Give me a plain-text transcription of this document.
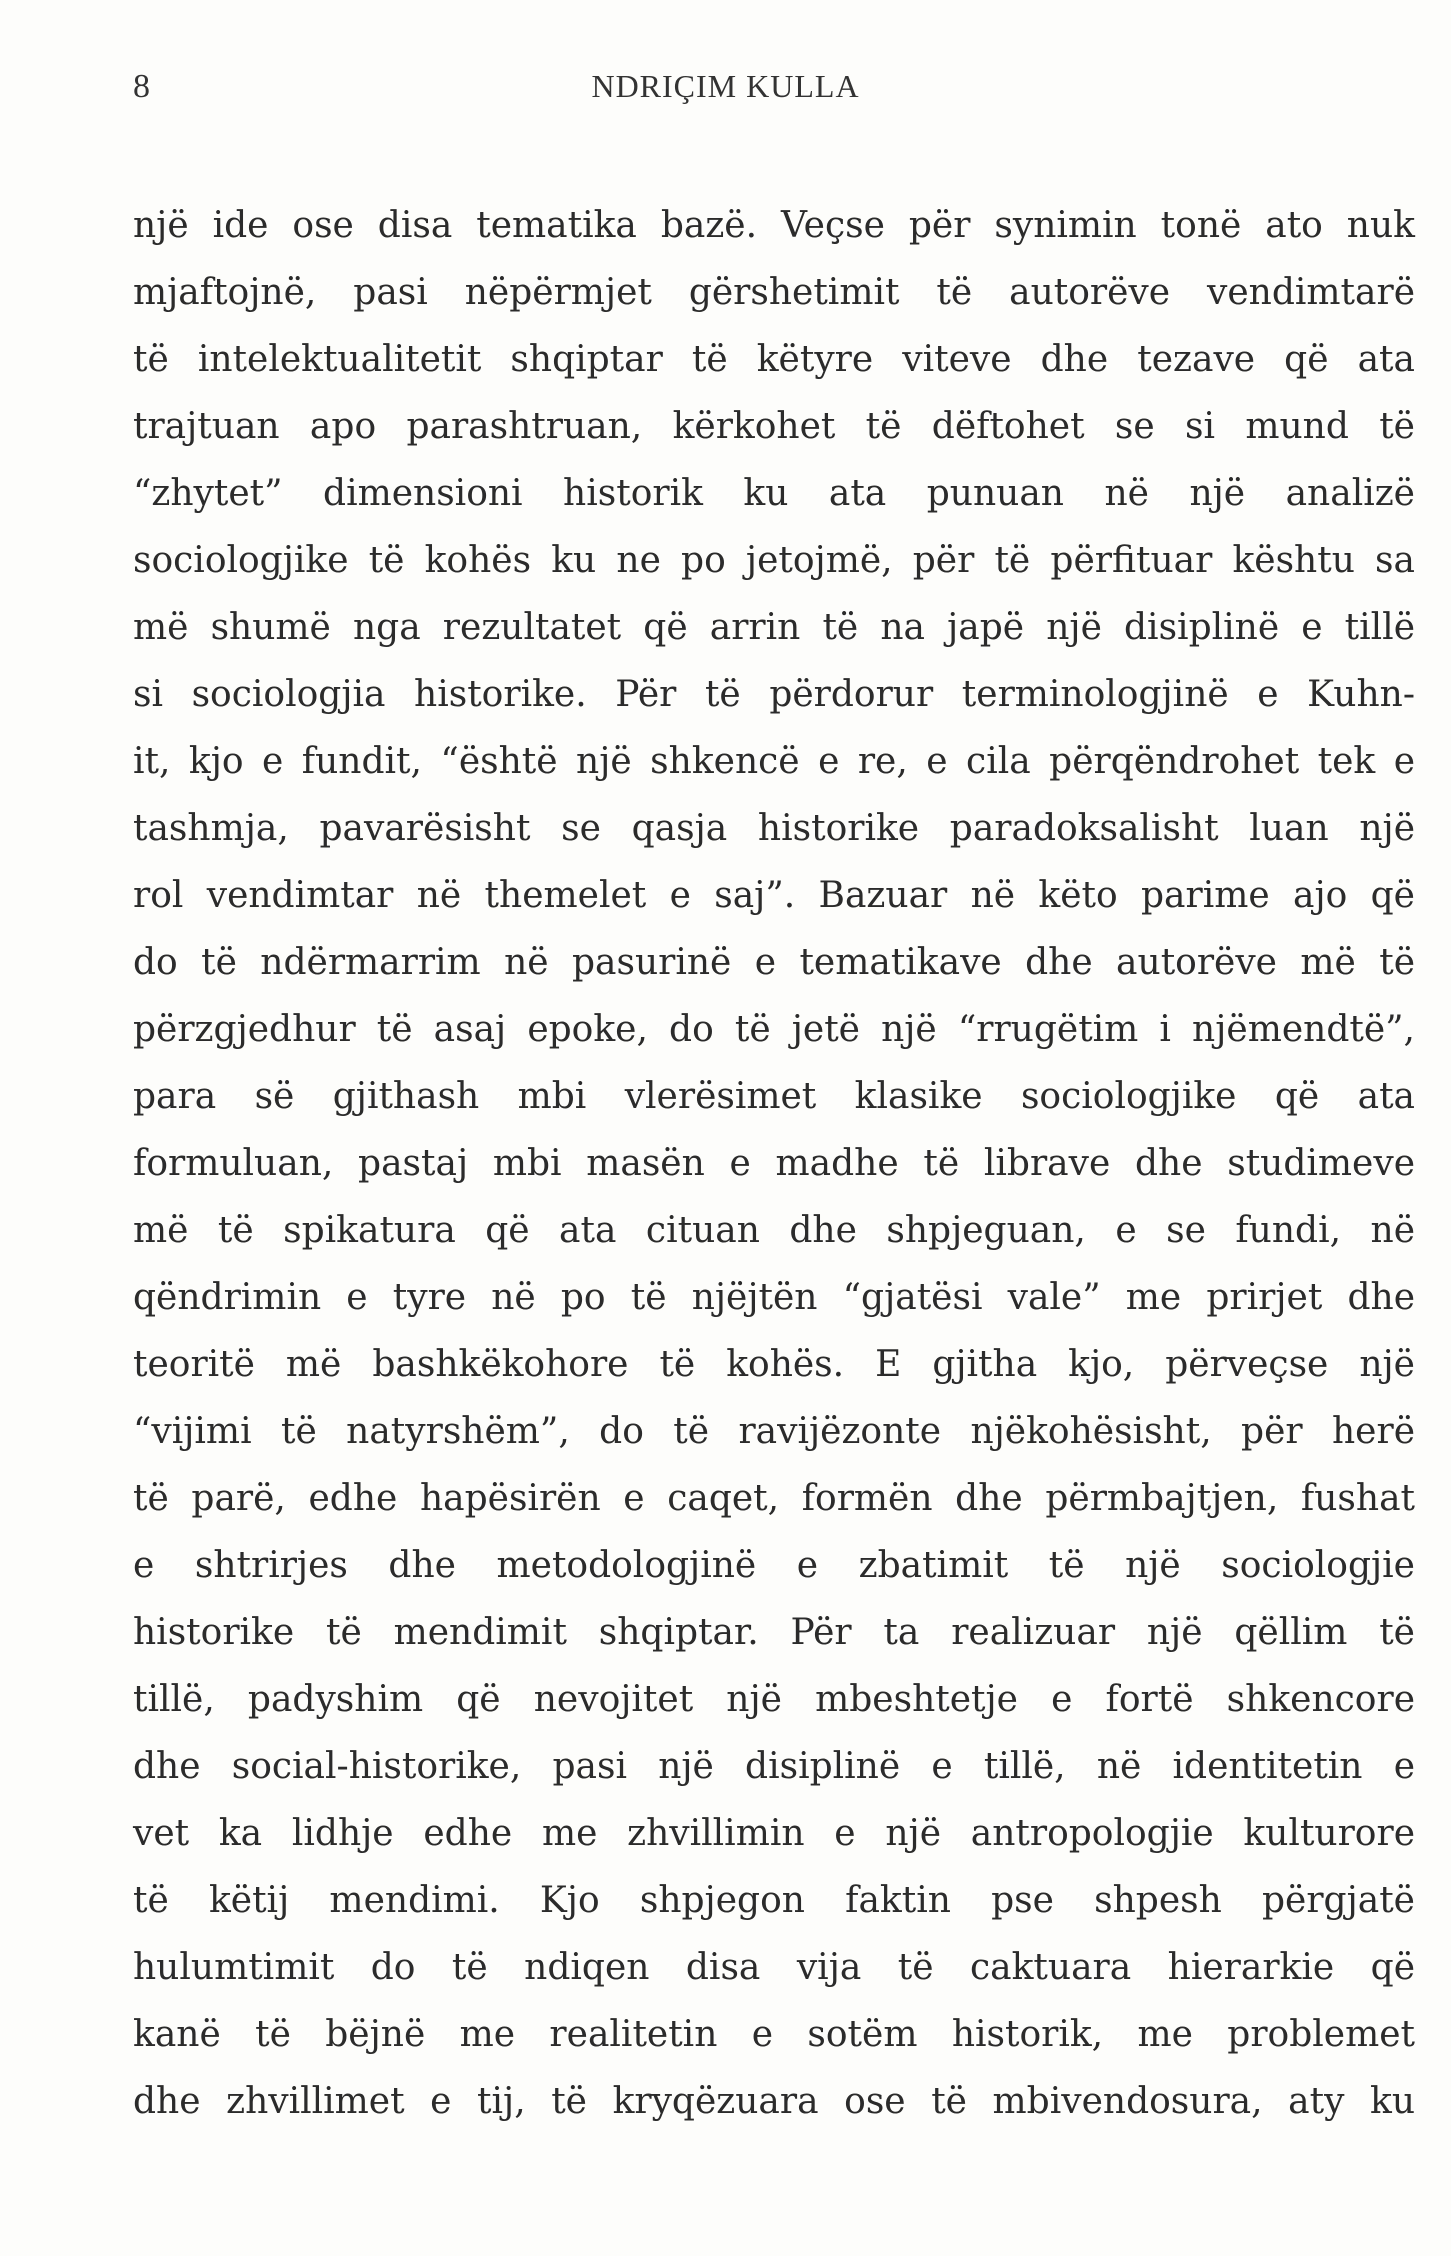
8	NDRIÇIM KULLA
një ide ose disa tematika bazë. Veçse për synimin tonë ato nuk
mjaftojnë, pasi nëpërmjet gërshetimit të autorëve vendimtarë
të intelektualitetit shqiptar të këtyre viteve dhe tezave që ata
trajtuan apo parashtruan, kërkohet të dëftohet se si mund të
“zhytet” dimensioni historik ku ata punuan në një analizë
sociologjike të kohës ku ne po jetojmë, për të përfituar kështu sa
më shumë nga rezultatet që arrin të na japë një disiplinë e tillë
si sociologjia historike. Për të përdorur terminologjinë e Kuhn-
it, kjo e fundit, “është një shkencë e re, e cila përqëndrohet tek e
tashmja, pavarësisht se qasja historike paradoksalisht luan një
rol vendimtar në themelet e saj”. Bazuar në këto parime ajo që
do të ndërmarrim në pasurinë e tematikave dhe autorëve më të
përzgjedhur të asaj epoke, do të jetë një “rrugëtim i njëmendtë”,
para së gjithash mbi vlerësimet klasike sociologjike që ata
formuluan, pastaj mbi masën e madhe të librave dhe studimeve
më të spikatura që ata cituan dhe shpjeguan, e se fundi, në
qëndrimin e tyre në po të njëjtën “gjatësi vale” me prirjet dhe
teoritë më bashkëkohore të kohës. E gjitha kjo, përveçse një
“vijimi të natyrshëm”, do të ravijëzonte njëkohësisht, për herë
të parë, edhe hapësirën e caqet, formën dhe përmbajtjen, fushat
e shtrirjes dhe metodologjinë e zbatimit të një sociologjie
historike të mendimit shqiptar. Për ta realizuar një qëllim të
tillë, padyshim që nevojitet një mbeshtetje e fortë shkencore
dhe social-historike, pasi një disiplinë e tillë, në identitetin e
vet ka lidhje edhe me zhvillimin e një antropologjie kulturore
të këtij mendimi. Kjo shpjegon faktin pse shpesh përgjatë
hulumtimit do të ndiqen disa vija të caktuara hierarkie që
kanë të bëjnë me realitetin e sotëm historik, me problemet
dhe zhvillimet e tij, të kryqëzuara ose të mbivendosura, aty ku
